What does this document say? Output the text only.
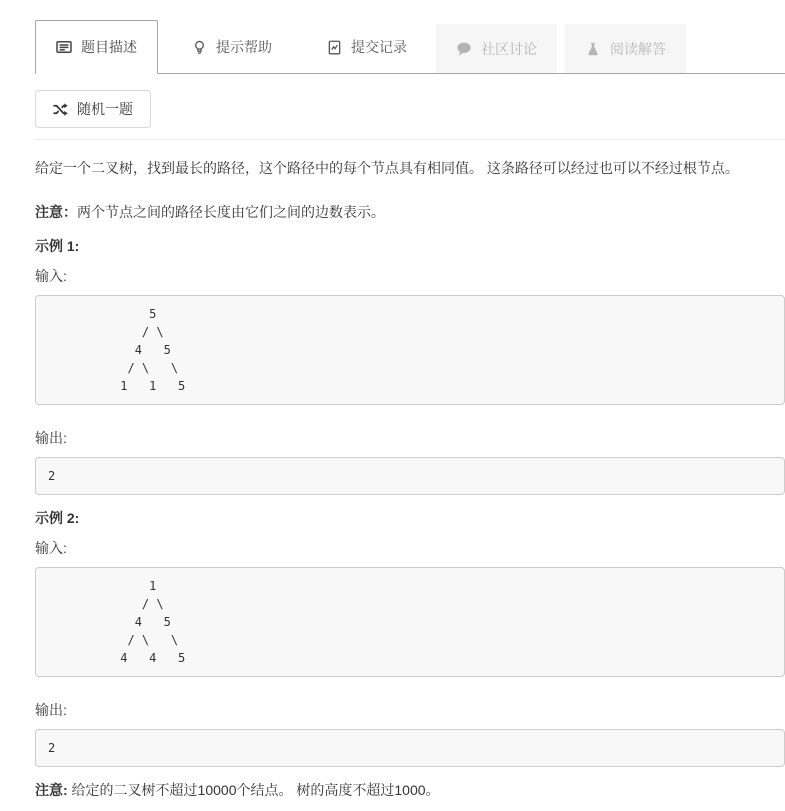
题目描述	提示帮助	提交记录	社区讨论	阅读解答
随机一题

给定一个二叉树，找到最长的路径，这个路径中的每个节点具有相同值。 这条路径可以经过也可以不经过根节点。

注意：两个节点之间的路径长度由它们之间的边数表示。

示例 1:

输入:

5
/ \
4   5
/ \   \
1   1   5

输出:

2

示例 2:

输入:

1
/ \
4   5
/ \   \
4   4   5

输出:

2

注意: 给定的二叉树不超过10000个结点。 树的高度不超过1000。
